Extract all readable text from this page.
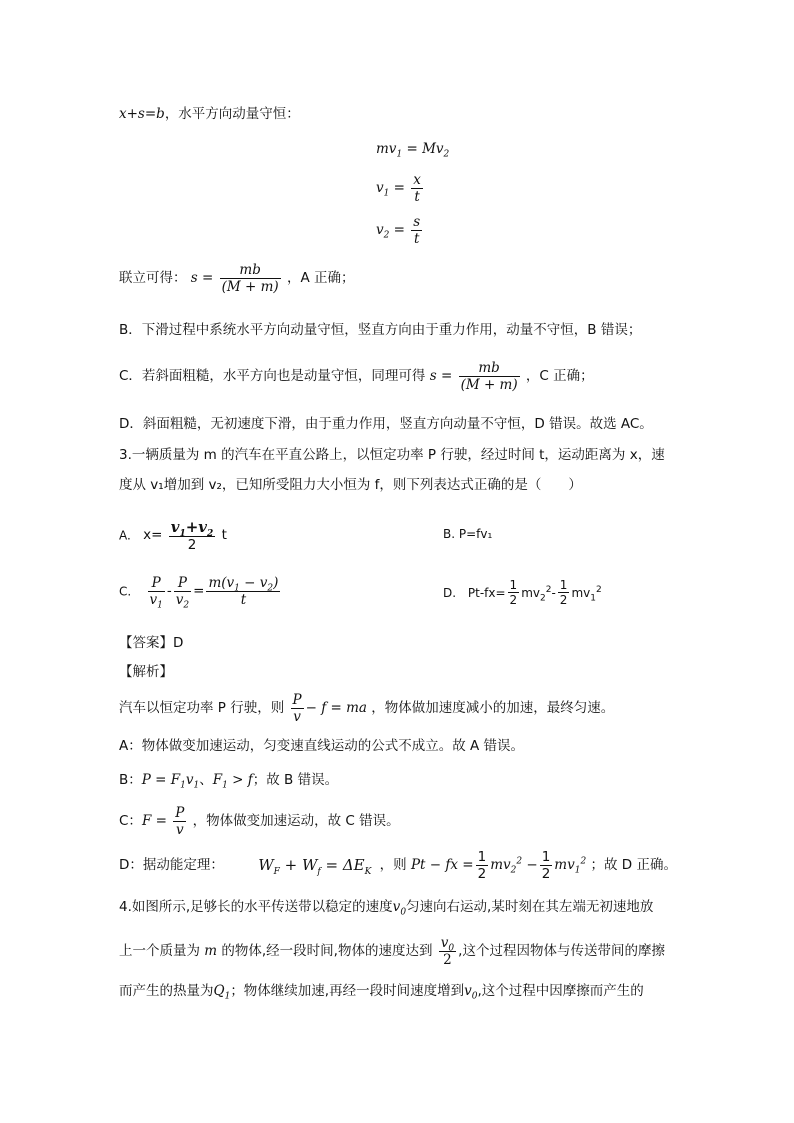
x+s=b，水平方向动量守恒：
$mv_1 = Mv_2$
$v_1 = \frac{x}{t}$
$v_2 = \frac{s}{t}$
联立可得： $s = \frac{mb}{(M + m)}$ ，A 正确；
B．下滑过程中系统水平方向动量守恒，竖直方向由于重力作用，动量不守恒，B 错误；
C．若斜面粗糙，水平方向也是动量守恒，同理可得 $s = \frac{mb}{(M + m)}$ ，C 正确；
D．斜面粗糙，无初速度下滑，由于重力作用，竖直方向动量不守恒，D 错误。故选 AC。
3.一辆质量为 m 的汽车在平直公路上，以恒定功率 P 行驶，经过时间 t，运动距离为 x，速
度从 v₁增加到 v₂，已知所受阻力大小恒为 f，则下列表达式正确的是（　　）
A. $x= \frac{v_1+v_2}{2}$ t	B. P=fv₁
C. $\frac{P}{v_1} - \frac{P}{v_2} = \frac{m(v_1 - v_2)}{t}$	D. $Pt-fx= \frac{1}{2} mv_2^2- \frac{1}{2} mv_1^2$
【答案】D
【解析】
汽车以恒定功率 P 行驶，则 $\frac{P}{v} - f$ = ma ，物体做加速度减小的加速，最终匀速。
A：物体做变加速运动，匀变速直线运动的公式不成立。故 A 错误。
B：$P = F_1v_1$、$F_1 > f$；故 B 错误。
C：$F = \frac{P}{v}$ ，物体做变加速运动，故 C 错误。
D：据动能定理： $W_F + W_f = \Delta E_K$ ，则 Pt − fx = $\frac{1}{2} mv_2^2 - \frac{1}{2} mv_1^2$ ；故 D 正确。
4.如图所示,足够长的水平传送带以稳定的速度$v_0$匀速向右运动,某时刻在其左端无初速地放
上一个质量为 m 的物体,经一段时间,物体的速度达到 $\frac{v_0}{2}$ ,这个过程因物体与传送带间的摩擦
而产生的热量为$Q_1$；物体继续加速,再经一段时间速度增到$v_0$,这个过程中因摩擦而产生的
